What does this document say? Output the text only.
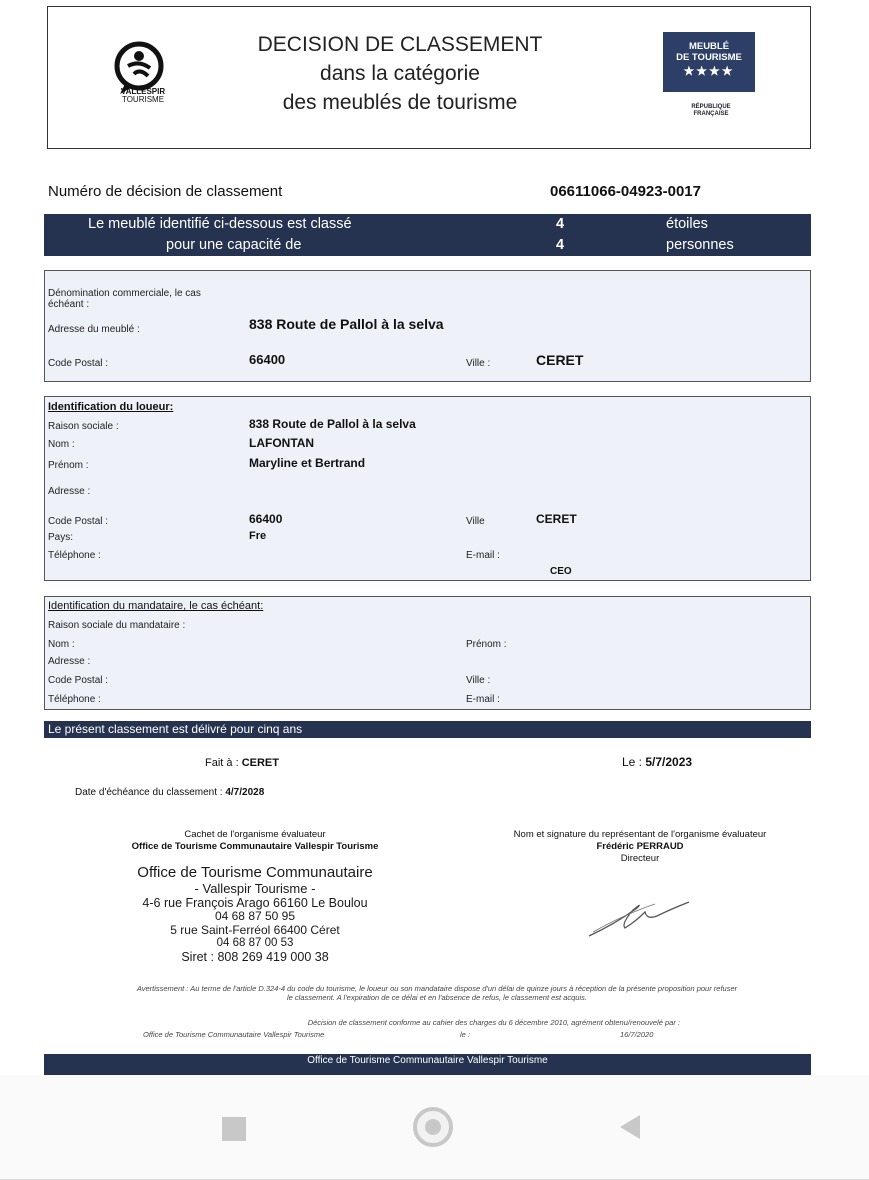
VALLESPIR
TOURISME
DECISION DE CLASSEMENT
dans la catégorie
des meublés de tourisme
MEUBLÉ
DE TOURISME
★★★★
RÉPUBLIQUE FRANÇAISE
Numéro de décision de classement	06611066-04923-0017
Le meublé identifié ci-dessous est classé	4	étoiles
pour une capacité de	4	personnes
Dénomination commerciale, le cas échéant :
Adresse du meublé :	838 Route de Pallol à la selva
Code Postal :	66400	Ville :	CERET
Identification du loueur:
Raison sociale :	838 Route de Pallol à la selva
Nom :	LAFONTAN
Prénom :	Maryline et Bertrand
Adresse :
Code Postal :	66400	Ville	CERET
Pays:	Fre
Téléphone :	E-mail :
CEO
Identification du mandataire, le cas échéant:
Raison sociale du mandataire :
Nom :	Prénom :
Adresse :
Code Postal :	Ville :
Téléphone :	E-mail :
Le présent classement est délivré pour cinq ans
Fait à : CERET	Le : 5/7/2023
Date d'échéance du classement : 4/7/2028
Cachet de l'organisme évaluateur
Office de Tourisme Communautaire Vallespir Tourisme
Nom et signature du représentant de l'organisme évaluateur
Frédéric PERRAUD
Directeur
Office de Tourisme Communautaire
- Vallespir Tourisme -
4-6 rue François Arago 66160 Le Boulou
04 68 87 50 95
5 rue Saint-Ferréol 66400 Céret
04 68 87 00 53
Siret : 808 269 419 000 38
Avertissement : Au terme de l'article D.324-4 du code du tourisme, le loueur ou son mandataire dispose d'un délai de quinze jours à réception de la présente proposition pour refuser
le classement. A l'expiration de ce délai et en l'absence de refus, le classement est acquis.
Décision de classement conforme au cahier des charges du 6 décembre 2010, agrément obtenu/renouvelé par :
Office de Tourisme Communautaire Vallespir Tourisme	le :	16/7/2020
Office de Tourisme Communautaire Vallespir Tourisme
